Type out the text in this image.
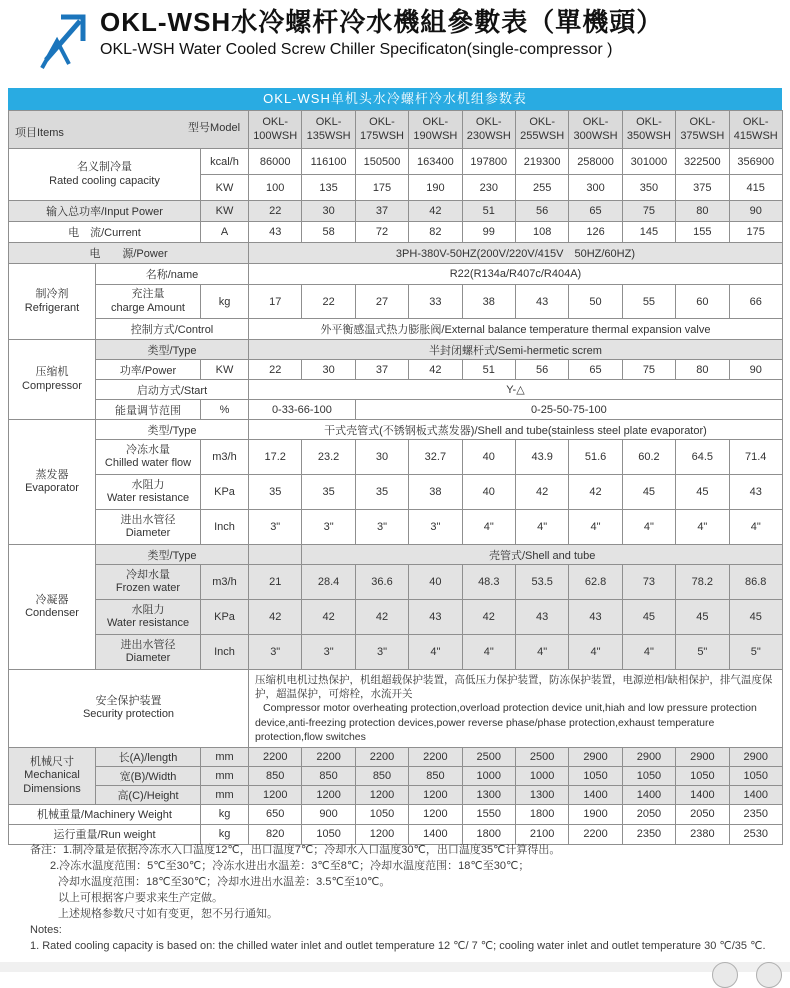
OKL-WSH水冷螺杆冷水機組參數表（單機頭）
OKL-WSH Water Cooled Screw Chiller Specificaton(single-compressor )
OKL-WSH单机头水冷螺杆冷水机组参数表
项目Items 型号Model			OKL-
100WSH	OKL-
135WSH	OKL-
175WSH	OKL-
190WSH	OKL-
230WSH	OKL-
255WSH	OKL-
300WSH	OKL-
350WSH	OKL-
375WSH	OKL-
415WSH

名义制冷量
Rated cooling capacity		kcal/h	86000	116100	150500	163400	197800	219300	258000	301000	322500	356900
		KW	100	135	175	190	230	255	300	350	375	415
输入总功率/Input Power		KW	22	30	37	42	51	56	65	75	80	90
电　流/Current		A	43	58	72	82	99	108	126	145	155	175
电　　源/Power			3PH-380V-50HZ(200V/220V/415V　50HZ/60HZ)									

制冷剂
Refrigerant	名称/name		R22(R134a/R407c/R404A)									

	充注量
charge Amount	kg	17	22	27	33	38	43	50	55	60	66
	控制方式/Control		外平衡感温式热力膨胀阀/External balance temperature thermal expansion valve									

压缩机
Compressor	类型/Type		半封闭螺杆式/Semi-hermetic screm									
	功率/Power	KW	22	30	37	42	51	56	65	75	80	90
	启动方式/Start		Y-△									
	能量调节范围	%	0-33-66-100		0-25-50-75-100							

蒸发器
Evaporator	类型/Type		干式壳管式(不锈钢板式蒸发器)/Shell and tube(stainless steel plate evaporator)									

	冷冻水量
Chilled water flow	m3/h	17.2	23.2	30	32.7	40	43.9	51.6	60.2	64.5	71.4

	水阻力
Water resistance	KPa	35	35	35	38	40	42	42	45	45	43

	进出水管径
Diameter	Inch	3"	3"	3"	3"	4"	4"	4"	4"	4"	4"

冷凝器
Condenser	类型/Type			壳管式/Shell and tube								

	冷却水量
Frozen water	m3/h	21	28.4	36.6	40	48.3	53.5	62.8	73	78.2	86.8

	水阻力
Water resistance	KPa	42	42	42	43	42	43	43	45	45	45

	进出水管径
Diameter	Inch	3"	3"	3"	4"	4"	4"	4"	4"	5"	5"

安全保护装置
Security protection

压缩机电机过热保护，机组超载保护装置，高低压力保护装置，防冻保护装置，电源逆相/缺相保护，排气温度保护，超温保护，可熔栓，水流开关
Compressor motor overheating protection,overload protection device unit,hiah and low pressure protection device,anti-freezing protection devices,power reverse phase/phase protection,exhaust temperature protection,flow switches

机械尺寸
Mechanical Dimensions	长(A)/length	mm	2200	2200	2200	2200	2500	2500	2900	2900	2900	2900
	宽(B)/Width	mm	850	850	850	850	1000	1000	1050	1050	1050	1050
	高(C)/Height	mm	1200	1200	1200	1200	1300	1300	1400	1400	1400	1400
机械重量/Machinery Weight		kg	650	900	1050	1200	1550	1800	1900	2050	2050	2350
运行重量/Run weight		kg	820	1050	1200	1400	1800	2100	2200	2350	2380	2530
备注：1.制冷量是依据冷冻水入口温度12℃，出口温度7℃；冷却水入口温度30℃，出口温度35℃计算得出。
2.冷冻水温度范围：5℃至30℃；冷冻水进出水温差：3℃至8℃；冷却水温度范围：18℃至30℃；
冷却水温度范围：18℃至30℃；冷却水进出水温差：3.5℃至10℃。
以上可根据客户要求来生产定做。
上述规格参数尺寸如有变更，恕不另行通知。
Notes:
1. Rated cooling capacity is based on: the chilled water inlet and outlet temperature 12 ℃/ 7 ℃; cooling water inlet and outlet temperature 30 ℃/35 ℃.
